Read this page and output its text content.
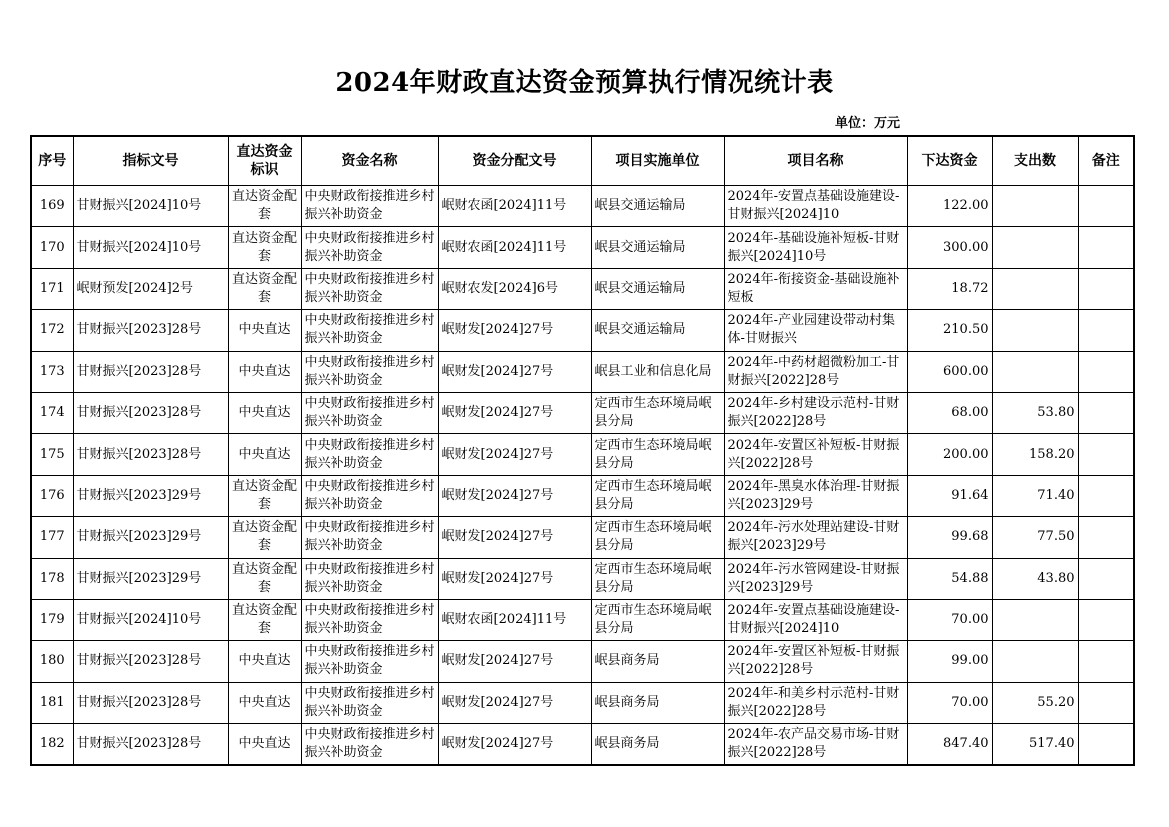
2024年财政直达资金预算执行情况统计表
单位：万元
序号	指标文号	直达资金标识	资金名称	资金分配文号	项目实施单位	项目名称	下达资金	支出数	备注

169	甘财振兴[2024]10号	直达资金配套	中央财政衔接推进乡村振兴补助资金	岷财农函[2024]11号	岷县交通运输局	2024年-安置点基础设施建设-甘财振兴[2024]10	122.00		

170	甘财振兴[2024]10号	直达资金配套	中央财政衔接推进乡村振兴补助资金	岷财农函[2024]11号	岷县交通运输局	2024年-基础设施补短板-甘财振兴[2024]10号	300.00		

171	岷财预发[2024]2号	直达资金配套	中央财政衔接推进乡村振兴补助资金	岷财农发[2024]6号	岷县交通运输局	2024年-衔接资金-基础设施补短板	18.72		

172	甘财振兴[2023]28号	中央直达	中央财政衔接推进乡村振兴补助资金	岷财发[2024]27号	岷县交通运输局	2024年-产业园建设带动村集体-甘财振兴	210.50		

173	甘财振兴[2023]28号	中央直达	中央财政衔接推进乡村振兴补助资金	岷财发[2024]27号	岷县工业和信息化局	2024年-中药材超微粉加工-甘财振兴[2022]28号	600.00		

174	甘财振兴[2023]28号	中央直达	中央财政衔接推进乡村振兴补助资金	岷财发[2024]27号	定西市生态环境局岷县分局	2024年-乡村建设示范村-甘财振兴[2022]28号	68.00	53.80	

175	甘财振兴[2023]28号	中央直达	中央财政衔接推进乡村振兴补助资金	岷财发[2024]27号	定西市生态环境局岷县分局	2024年-安置区补短板-甘财振兴[2022]28号	200.00	158.20	

176	甘财振兴[2023]29号	直达资金配套	中央财政衔接推进乡村振兴补助资金	岷财发[2024]27号	定西市生态环境局岷县分局	2024年-黑臭水体治理-甘财振兴[2023]29号	91.64	71.40	

177	甘财振兴[2023]29号	直达资金配套	中央财政衔接推进乡村振兴补助资金	岷财发[2024]27号	定西市生态环境局岷县分局	2024年-污水处理站建设-甘财振兴[2023]29号	99.68	77.50	

178	甘财振兴[2023]29号	直达资金配套	中央财政衔接推进乡村振兴补助资金	岷财发[2024]27号	定西市生态环境局岷县分局	2024年-污水管网建设-甘财振兴[2023]29号	54.88	43.80	

179	甘财振兴[2024]10号	直达资金配套	中央财政衔接推进乡村振兴补助资金	岷财农函[2024]11号	定西市生态环境局岷县分局	2024年-安置点基础设施建设-甘财振兴[2024]10	70.00		

180	甘财振兴[2023]28号	中央直达	中央财政衔接推进乡村振兴补助资金	岷财发[2024]27号	岷县商务局	2024年-安置区补短板-甘财振兴[2022]28号	99.00		

181	甘财振兴[2023]28号	中央直达	中央财政衔接推进乡村振兴补助资金	岷财发[2024]27号	岷县商务局	2024年-和美乡村示范村-甘财振兴[2022]28号	70.00	55.20	

182	甘财振兴[2023]28号	中央直达	中央财政衔接推进乡村振兴补助资金	岷财发[2024]27号	岷县商务局	2024年-农产品交易市场-甘财振兴[2022]28号	847.40	517.40	
